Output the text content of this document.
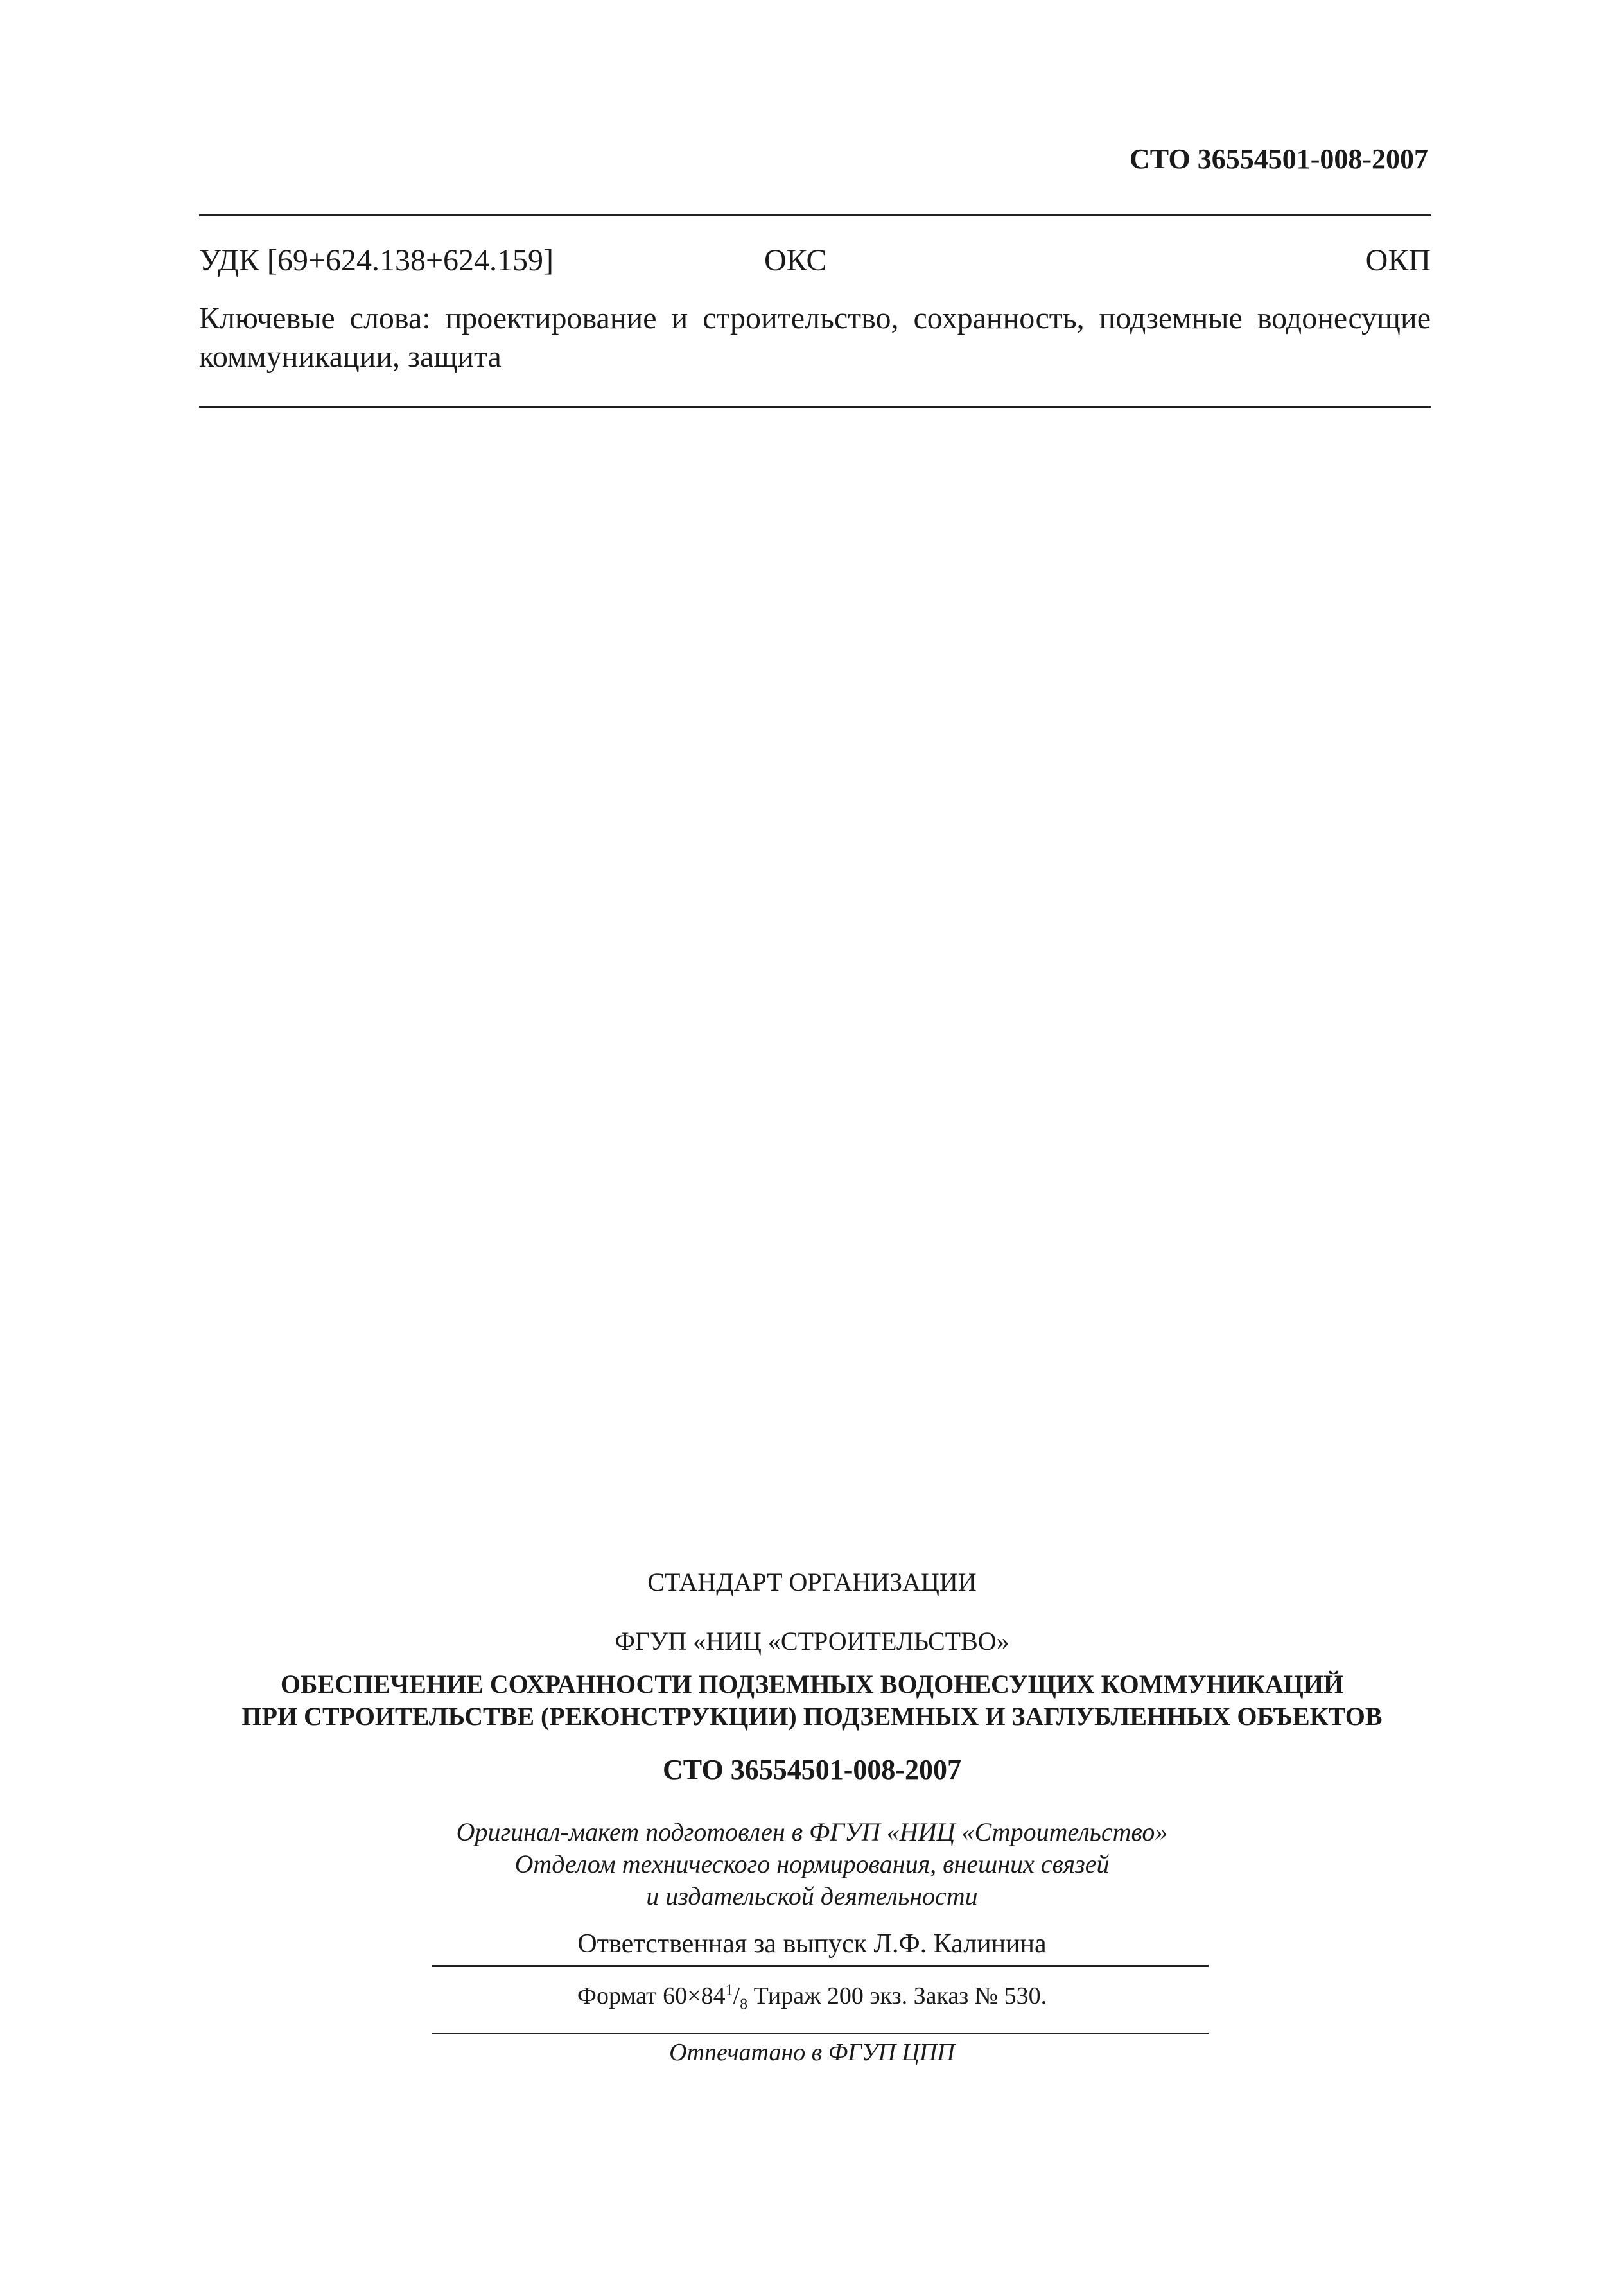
СТО 36554501-008-2007
УДК [69+624.138+624.159]	ОКС	ОКП
Ключевые слова: проектирование и строительство, сохранность, подземные водонесущие коммуникации, защита
СТАНДАРТ ОРГАНИЗАЦИИ
ФГУП «НИЦ «СТРОИТЕЛЬСТВО»
ОБЕСПЕЧЕНИЕ СОХРАННОСТИ ПОДЗЕМНЫХ ВОДОНЕСУЩИХ КОММУНИКАЦИЙ
ПРИ СТРОИТЕЛЬСТВЕ (РЕКОНСТРУКЦИИ) ПОДЗЕМНЫХ И ЗАГЛУБЛЕННЫХ ОБЪЕКТОВ
СТО 36554501-008-2007
Оригинал-макет подготовлен в ФГУП «НИЦ «Строительство»
Отделом технического нормирования, внешних связей
и издательской деятельности
Ответственная за выпуск Л.Ф. Калинина
Формат $60\times 84^1/_8$ Тираж 200 экз. Заказ № 530.
Отпечатано в ФГУП ЦПП
